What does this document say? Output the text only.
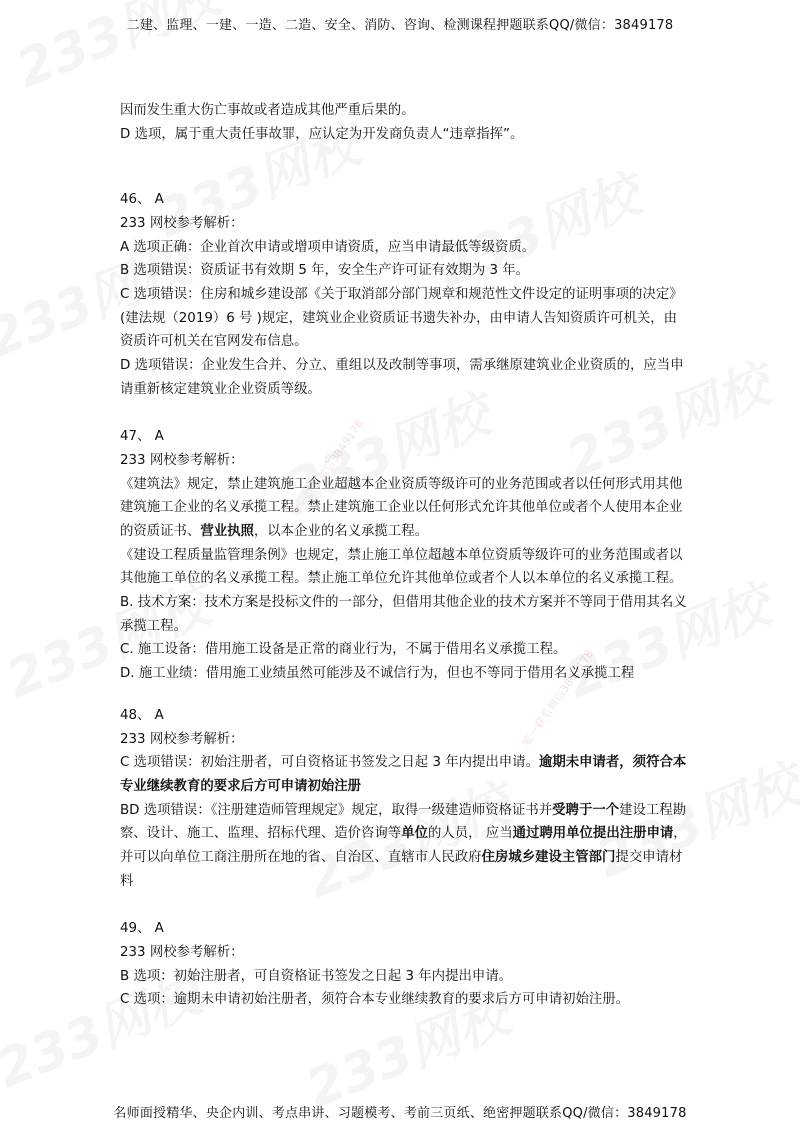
唯一联系微信3849178
唯一联系微信3849178
二建、监理、一建、一造、二造、安全、消防、咨询、检测课程押题联系QQ/微信：3849178

因而发生重大伤亡事故或者造成其他严重后果的。

D 选项，属于重大责任事故罪，应认定为开发商负责人“违章指挥”。

46、 A

233 网校参考解析：

A 选项正确：企业首次申请或增项申请资质，应当申请最低等级资质。

B 选项错误：资质证书有效期 5 年，安全生产许可证有效期为 3 年。

C 选项错误：住房和城乡建设部《关于取消部分部门规章和规范性文件设定的证明事项的决定》(建法规（2019）6 号 )规定，建筑业企业资质证书遗失补办，由申请人告知资质许可机关，由资质许可机关在官网发布信息。

D 选项错误：企业发生合并、分立、重组以及改制等事项，需承继原建筑业企业资质的，应当申请重新核定建筑业企业资质等级。

47、 A

233 网校参考解析：

《建筑法》规定，禁止建筑施工企业超越本企业资质等级许可的业务范围或者以任何形式用其他建筑施工企业的名义承揽工程。禁止建筑施工企业以任何形式允许其他单位或者个人使用本企业的资质证书、营业执照，以本企业的名义承揽工程。

《建设工程质量监管理条例》也规定，禁止施工单位超越本单位资质等级许可的业务范围或者以其他施工单位的名义承揽工程。禁止施工单位允许其他单位或者个人以本单位的名义承揽工程。

B. 技术方案：技术方案是投标文件的一部分，但借用其他企业的技术方案并不等同于借用其名义承揽工程。

C. 施工设备：借用施工设备是正常的商业行为，不属于借用名义承揽工程。

D. 施工业绩：借用施工业绩虽然可能涉及不诚信行为，但也不等同于借用名义承揽工程

48、 A

233 网校参考解析：

C 选项错误：初始注册者，可自资格证书签发之日起 3 年内提出申请。逾期未申请者，须符合本专业继续教育的要求后方可申请初始注册

BD 选项错误：《注册建造师管理规定》规定，取得一级建造师资格证书并受聘于一个建设工程勘察、设计、施工、监理、招标代理、造价咨询等单位的人员， 应当通过聘用单位提出注册申请，并可以向单位工商注册所在地的省、自治区、直辖市人民政府住房城乡建设主管部门提交申请材料

49、 A

233 网校参考解析：

B 选项：初始注册者，可自资格证书签发之日起 3 年内提出申请。

C 选项：逾期未申请初始注册者，须符合本专业继续教育的要求后方可申请初始注册。

名师面授精华、央企内训、考点串讲、习题模考、考前三页纸、绝密押题联系QQ/微信：3849178
